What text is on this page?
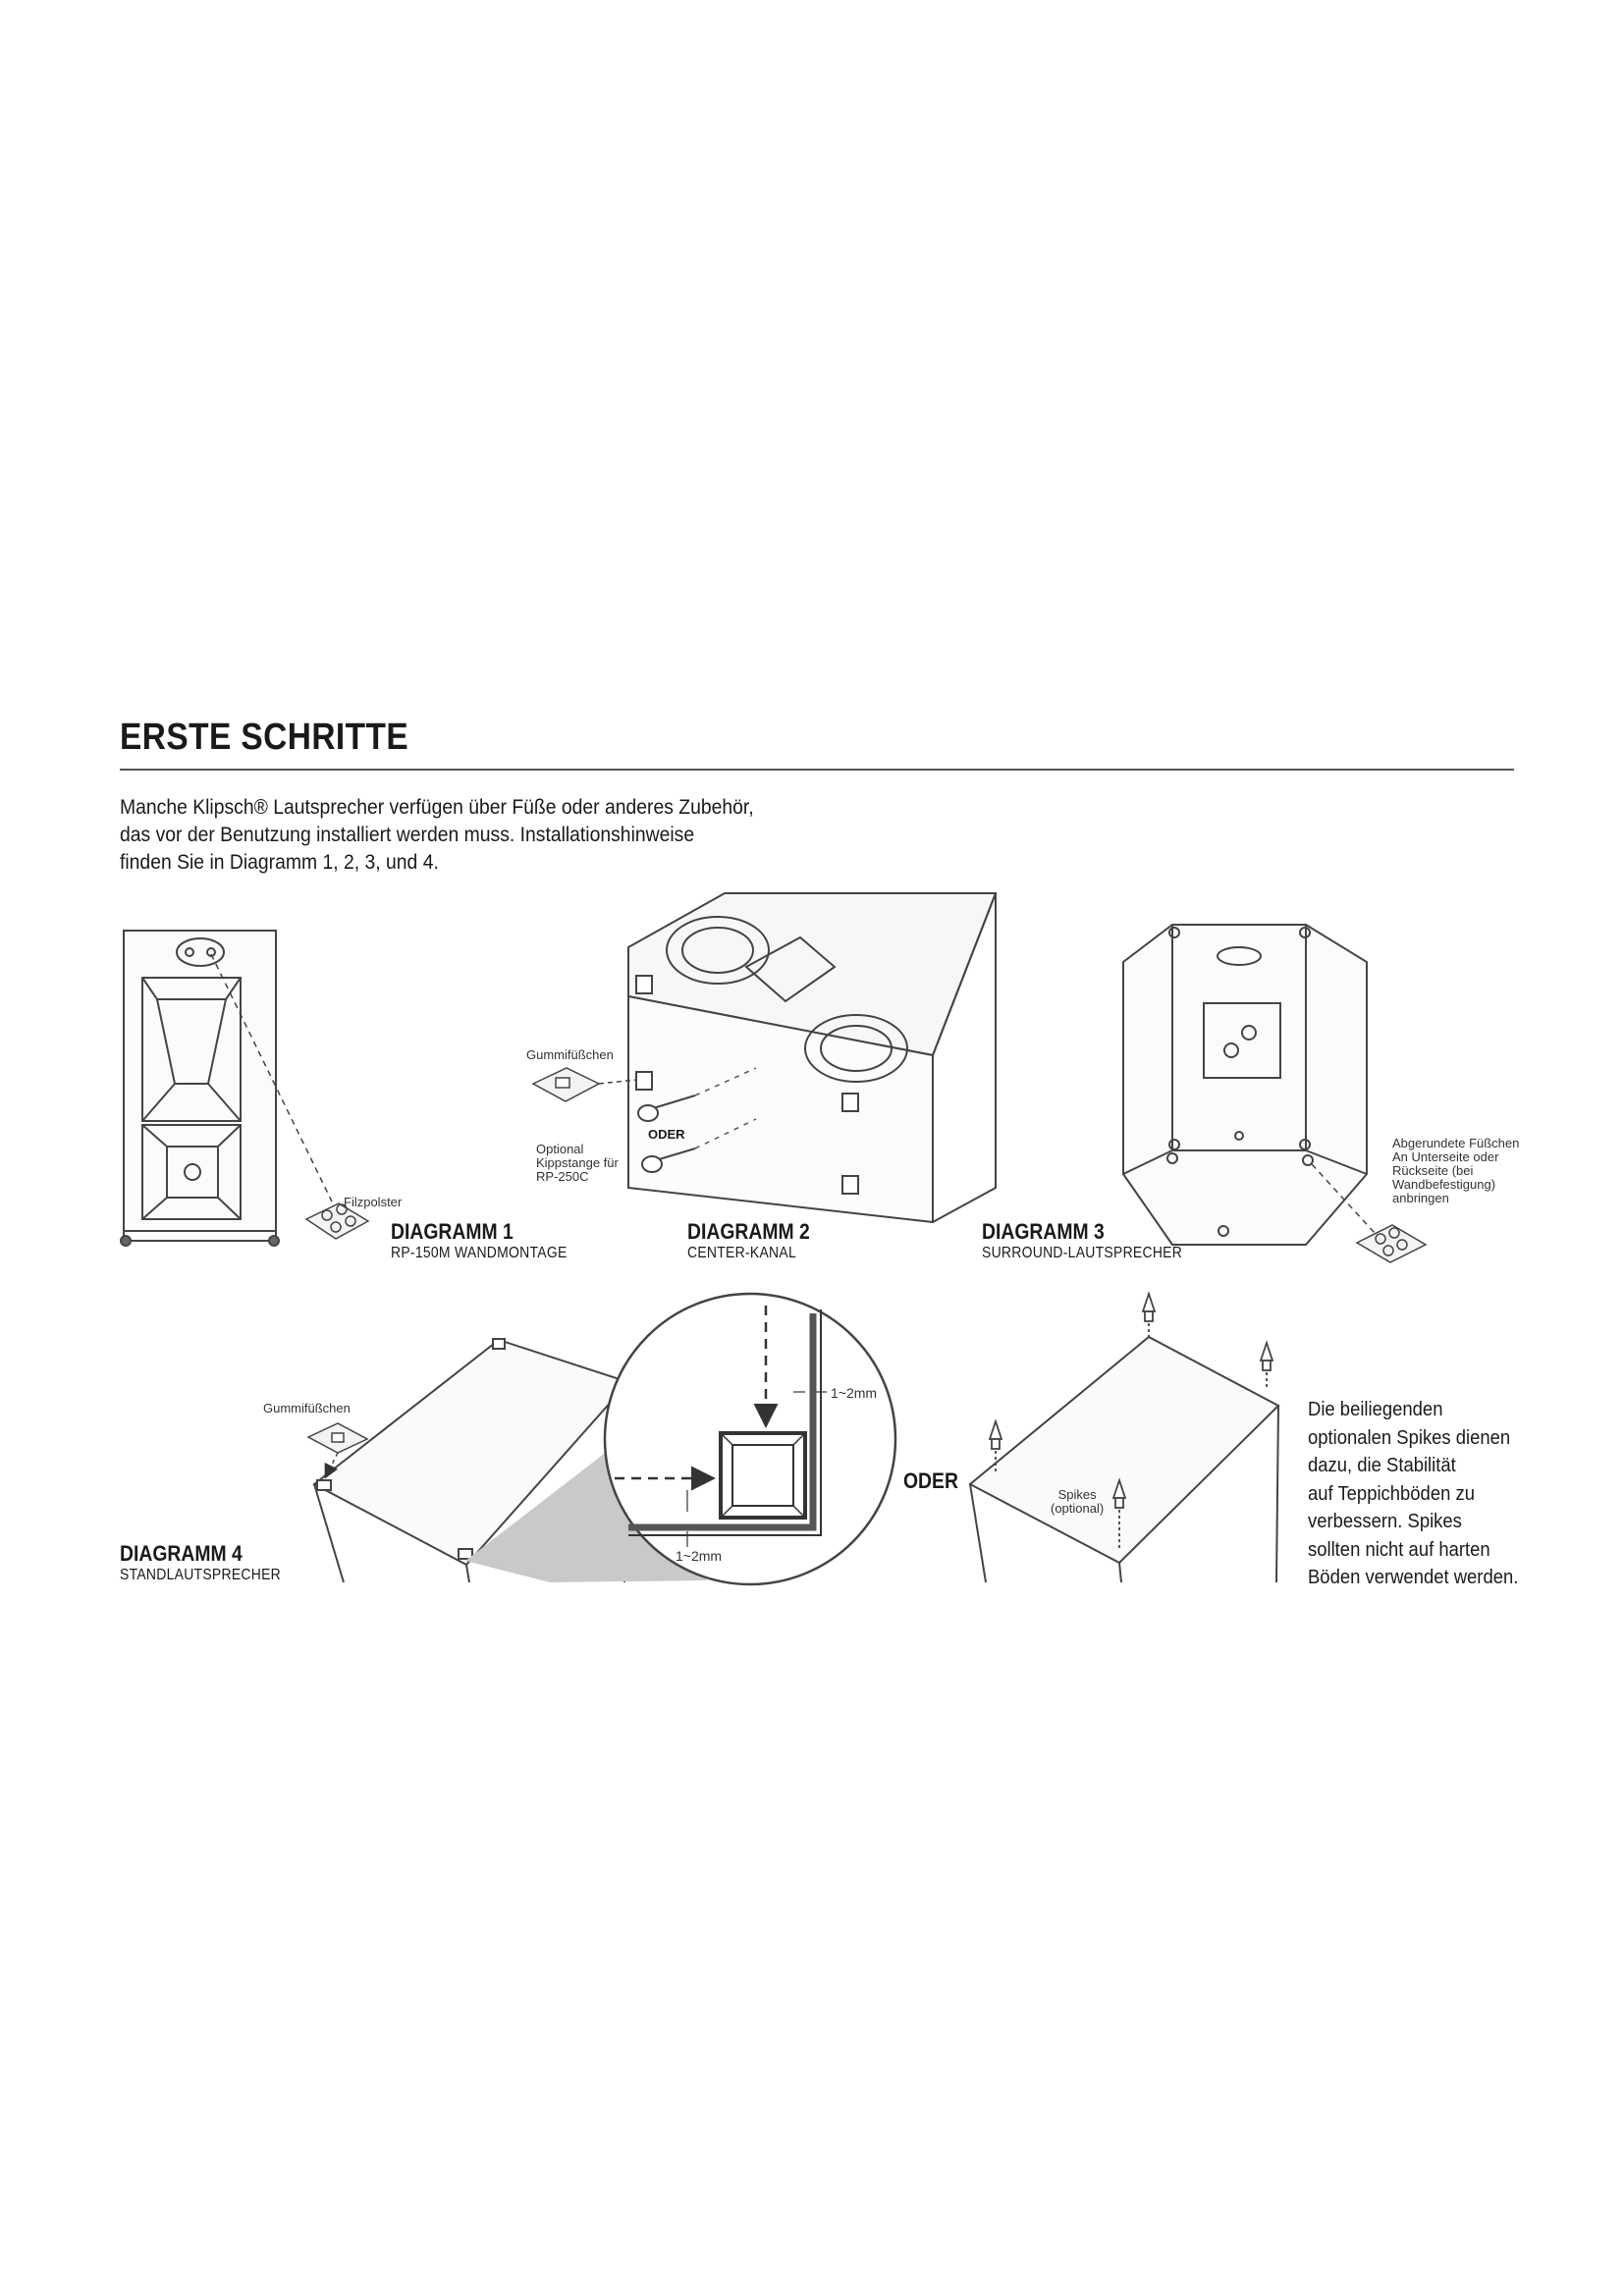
ERSTE SCHRITTE

Manche Klipsch® Lautsprecher verfügen über Füße oder anderes Zubehör,

das vor der Benutzung installiert werden muss. Installationshinweise

finden Sie in Diagramm 1, 2, 3, und 4.

Filzpolster
DIAGRAMM 1
RP-150M WANDMONTAGE
Gummifüßchen
ODER
Optional
Kippstange für
RP-250C
DIAGRAMM 2
CENTER-KANAL
Abgerundete Füßchen
An Unterseite oder
Rückseite (bei
Wandbefestigung)
anbringen
DIAGRAMM 3
SURROUND-LAUTSPRECHER
Gummifüßchen
1~2mm
1~2mm
ODER
Spikes
(optional)
DIAGRAMM 4
STANDLAUTSPRECHER

Die beiliegenden

optionalen Spikes dienen

dazu, die Stabilität

auf Teppichböden zu

verbessern. Spikes

sollten nicht auf harten

Böden verwendet werden.
